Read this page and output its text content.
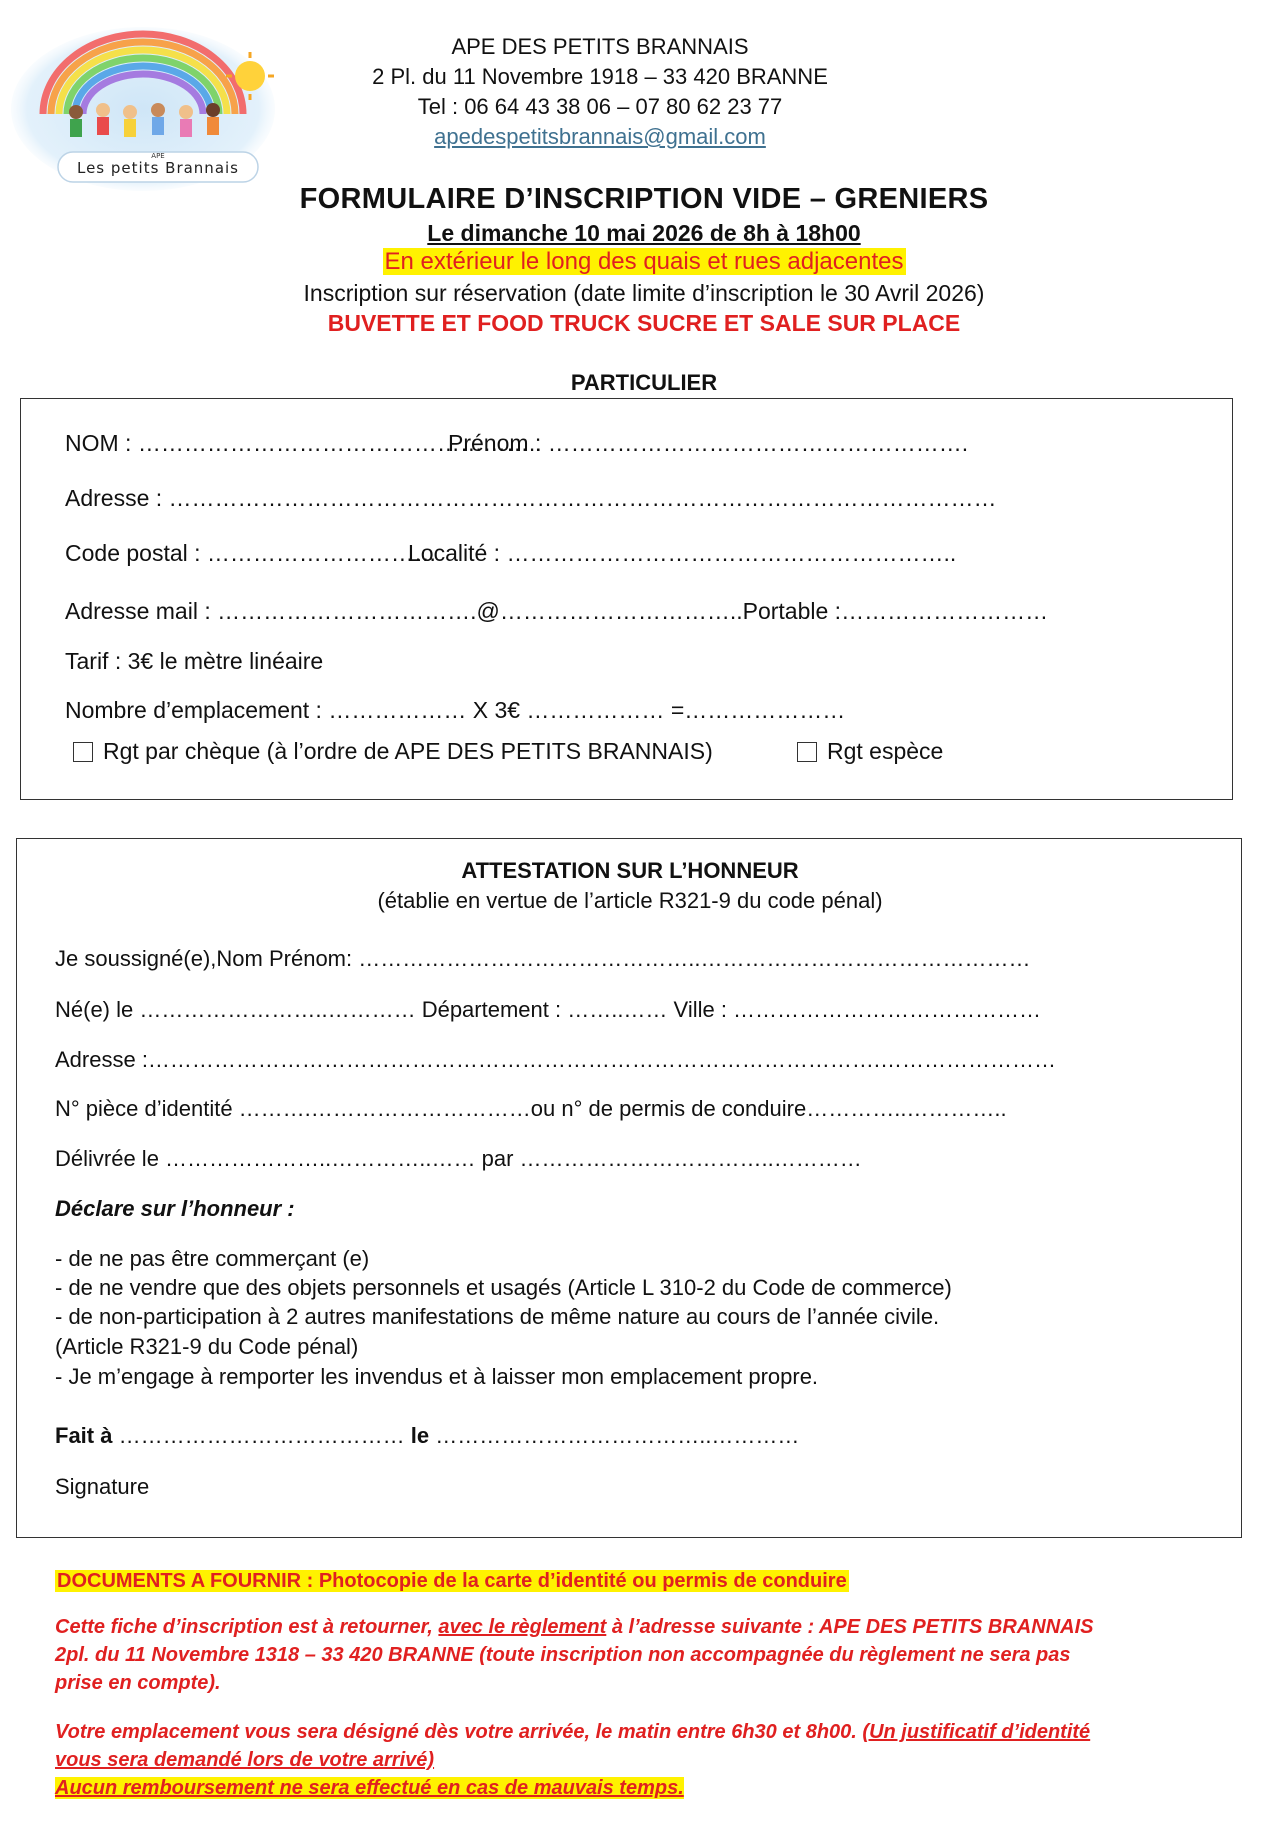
APE
Les petits Brannais
APE DES PETITS BRANNAIS
2 Pl. du 11 Novembre 1918 – 33 420 BRANNE
Tel : 06 64 43 38 06 – 07 80 62 23 77
apedespetitsbrannais@gmail.com
FORMULAIRE D’INSCRIPTION VIDE – GRENIERS
Le dimanche 10 mai 2026 de 8h à 18h00
En extérieur le long des quais et rues adjacentes
Inscription sur réservation (date limite d’inscription le 30 Avril 2026)
BUVETTE ET FOOD TRUCK SUCRE ET SALE SUR PLACE
PARTICULIER
NOM : ……………………………………………..
Prénom : ……………………………………………….
Adresse : ………………………………………………………………………………………………
Code postal : …………………………
Localité : …………………………………………………..
Adresse mail : …………………………….@…………………………..Portable :………………………
Tarif : 3€ le mètre linéaire
Nombre d’emplacement : ……………… X 3€ ……………… =…………………
Rgt par chèque (à l’ordre de APE DES PETITS BRANNAIS)	Rgt espèce
ATTESTATION SUR L’HONNEUR
(établie en vertue de l’article R321-9 du code pénal)
Je soussigné(e),Nom Prénom: ………………………………………..………………………………………
Né(e) le ……………………..………… Département : ……..…… Ville : ……………………………………
Adresse :……………………………………………………………………………………….……………………
N° pièce d’identité ……….…………………………ou n° de permis de conduire…………..…………..
Délivrée le …………………..…………..…… par ……………………………..…………
Déclare sur l’honneur :
- de ne pas être commerçant (e)
- de ne vendre que des objets personnels et usagés (Article L 310-2 du Code de commerce)
- de non-participation à 2 autres manifestations de même nature au cours de l’année civile.
(Article R321-9 du Code pénal)
- Je m’engage à remporter les invendus et à laisser mon emplacement propre.
Fait à ………………………………… le ………………………………..…………
Signature
DOCUMENTS A FOURNIR : Photocopie de la carte d’identité ou permis de conduire
Cette fiche d’inscription est à retourner, avec le règlement à l’adresse suivante : APE DES PETITS BRANNAIS
2pl. du 11 Novembre 1318 – 33 420 BRANNE (toute inscription non accompagnée du règlement ne sera pas
prise en compte).
Votre emplacement vous sera désigné dès votre arrivée, le matin entre 6h30 et 8h00. (Un justificatif d’identité
vous sera demandé lors de votre arrivé)
Aucun remboursement ne sera effectué en cas de mauvais temps.
